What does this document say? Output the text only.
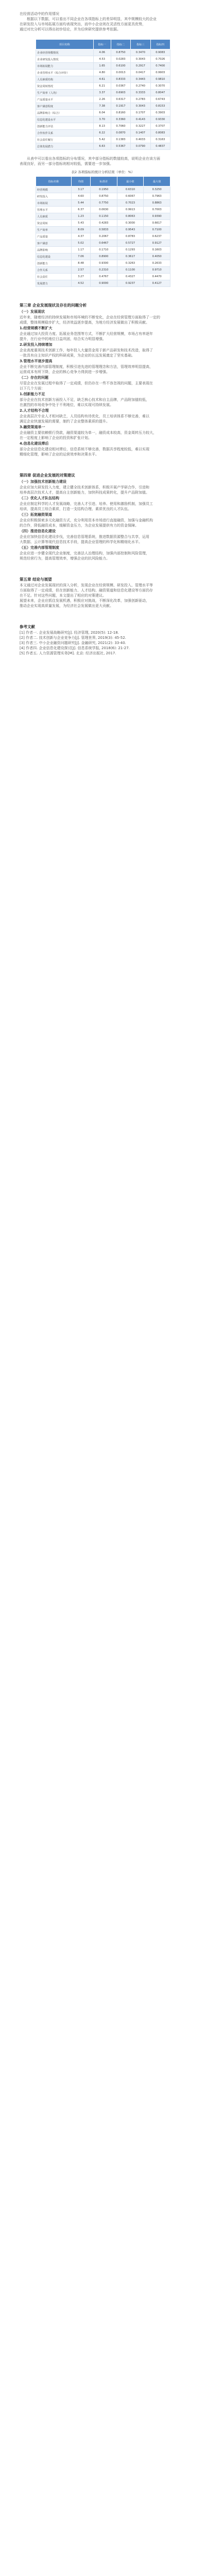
在经营活动中的作用情况
根据以下数据，可以看出不同企业在各项指标上的差异明显，其中规模较大的企业
在研发投入与市场拓展方面均表现突出，而中小企业则在灵活性方面更具优势，
通过对比分析可以得出初步结论，并为后续研究提供参考依据。
项目名称	指标一	指标二	指标三	指标四
企业经营规模情况	4.06	0.8750	0.3470	0.9083
企业研发投入情况	4.53	0.0283	0.3043	0.7026
市场拓展能力	1.65	0.6100	0.2917	0.7400
企业管理水平（综合评价）	4.80	0.0013	0.0417	0.9903
人员素质结构	4.61	0.8333	0.3443	0.9810
资金周转情况	6.21	0.0367	0.2740	0.3070
生产效率（人均）	3.37	0.6903	0.3333	0.8047
产品质量水平	2.26	0.6317	0.2783	0.6743
客户满意程度	7.38	0.1917	0.3043	0.8153
品牌影响力（综合）	6.04	0.8160	0.1707	0.3903
信息化建设水平	3.70	0.3360	0.4143	0.9330
创新能力评估	8.13	0.7060	0.3227	0.3707
合作伙伴关系	6.22	0.0870	0.1407	0.8083
社会责任履行	5.42	0.1383	0.4033	0.3163
总体发展潜力	6.63	0.5367	0.0790	0.4837
从表中可以看出各项指标的分布情况，其中部分指标的数值较高，说明企业在该方面
表现良好，而另一部分指标则相对较低，需要进一步加强。
表2 各项指标的统计分析结果（单位：%）
指标名称	均值	标准差	最小值	最大值
经营规模	3.17	0.1950	0.6310	0.3250
研发投入	4.60	0.8750	0.6067	0.7963
市场拓展	5.44	0.7750	0.7023	0.8863
管理水平	6.37	0.0630	0.9913	0.7003
人员素质	1.23	0.1150	0.8063	0.9390
资金周转	5.43	0.4283	0.3000	0.6617
生产效率	8.09	0.5833	0.9543	0.7100
产品质量	4.37	0.2067	0.8783	0.6237
客户满意	5.02	0.6467	0.5727	0.9127
品牌影响	1.17	0.1710	0.1293	0.1603
信息化建设	7.06	0.8900	0.3617	0.4050
创新能力	8.48	0.9300	0.3263	0.2633
合作关系	2.57	0.2310	0.1100	0.9710
社会责任	3.27	0.4767	0.4327	0.4470
发展潜力	4.52	0.9000	0.9237	0.4127
第三章 企业发展现状及存在的问题分析
（一）发展现状
近年来，随着经济的持续发展和市场环境的不断变化，企业在经营管理方面取得了一定的
成绩，整体规模稳步扩大，经济效益逐步提高，为地方经济发展做出了积极贡献。
1.经营规模不断扩大
企业通过加大投资力度、拓展业务范围等方式，不断扩大经营规模，市场占有率逐年
提升，在行业中的地位日益巩固，综合实力明显增强。
2.研发投入持续增加
企业高度重视技术创新工作，每年投入大量资金用于新产品研发和技术改造，取得了
一批具有自主知识产权的科研成果，为企业的长远发展奠定了坚实基础。
3.管理水平逐步提高
企业不断完善内部管理制度，积极引进先进的管理理念和方法，管理效率明显提高，
运营成本有所下降，企业的核心竞争力得到进一步增强。
（二）存在的问题
尽管企业在发展过程中取得了一定成绩，但仍存在一些不容忽视的问题，主要表现在
以下几个方面：
1.创新能力不足
部分企业在技术创新方面投入不足，缺乏核心技术和自主品牌，产品附加值较低，
在激烈的市场竞争中处于不利地位，难以实现可持续发展。
2.人才结构不合理
企业高层次专业人才相对缺乏，人员结构有待优化，员工培训体系不够完善，难以
满足企业快速发展的需要，制约了企业整体素质的提升。
3.融资渠道单一
企业融资主要依赖银行贷款，融资渠道较为单一，融资成本较高，资金周转压力较大，
在一定程度上影响了企业的投资和扩张计划。
4.信息化建设滞后
部分企业信息化建设相对滞后，信息系统不够完善，数据共享程度较低，难以实现
精细化管理，影响了企业的运营效率和决策水平。
第四章 促进企业发展的对策建议
（一）加强技术创新能力建设
企业应加大研发投入力度，建立健全技术创新体系，积极开展产学研合作，引进和
培养高层次技术人才，提高自主创新能力，加快科技成果转化，提升产品附加值。
（二）优化人才队伍结构
企业应制定科学的人才发展战略，完善人才引进、培养、使用和激励机制，加强员工
培训，提高员工综合素质，打造一支结构合理、素质优良的人才队伍。
（三）拓宽融资渠道
企业应积极探索多元化融资方式，充分利用资本市场进行直接融资，加强与金融机构
的合作，降低融资成本，缓解资金压力，为企业发展提供有力的资金保障。
（四）推进信息化建设
企业应加快信息化建设步伐，完善信息管理系统，推进数据资源整合与共享，运用
大数据、云计算等现代信息技术手段，提高企业管理的科学化和精细化水平。
（五）完善内部管理制度
企业应进一步健全现代企业制度，完善法人治理结构，加强内部控制和风险管理，
规范经营行为，提高管理效率，增强企业的抗风险能力。
第五章 结论与展望
本文通过对企业发展现状的深入分析，发现企业在经营规模、研发投入、管理水平等
方面取得了一定成绩，但在创新能力、人才结构、融资渠道和信息化建设等方面仍存
在不足。针对这些问题，本文提出了相应的对策建议。
展望未来，企业应抓住发展机遇，积极应对挑战，不断深化改革，加强创新驱动，
推动企业实现高质量发展，为经济社会发展做出更大贡献。
参考文献
[1] 作者一. 企业发展战略研究[J]. 经济管理, 2020(5): 12-18.
[2] 作者二. 技术创新与企业竞争力[J]. 管理世界, 2019(3): 45-52.
[3] 作者三. 中小企业融资问题研究[J]. 金融研究, 2021(2): 33-40.
[4] 作者四. 企业信息化建设探讨[J]. 信息系统学报, 2018(6): 21-27.
[5] 作者五. 人力资源管理实务[M]. 北京: 经济出版社, 2017.
